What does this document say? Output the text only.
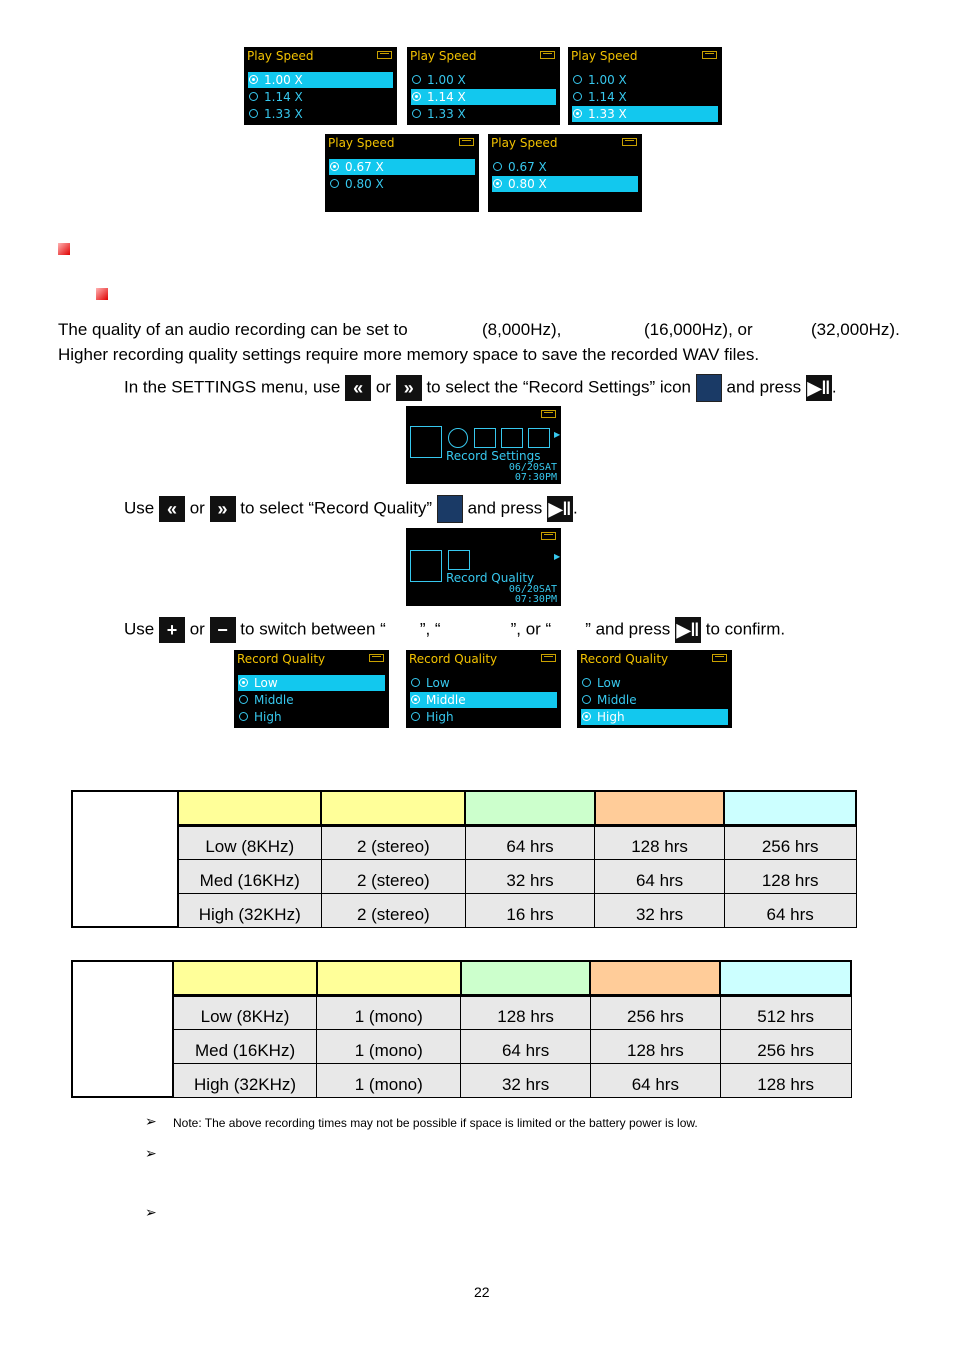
Play Speed
1.00 X
1.14 X
1.33 X
Play Speed
1.00 X
1.14 X
1.33 X
Play Speed
1.00 X
1.14 X
1.33 X
Play Speed
0.67 X
0.80 X
Play Speed
0.67 X
0.80 X
The quality of an audio recording can be set to	(8,000Hz),	(16,000Hz), or	(32,000Hz).
Higher recording quality settings require more memory space to save the recorded WAV files.
In the SETTINGS menu, use « or » to select the “Record Settings” icon and press ▶‖.
▶
Record Settings
06/20SAT
07:30PM
Use « or » to select “Record Quality” and press ▶‖.
▶
Record Quality
06/20SAT
07:30PM
Use + or − to switch between “ ”, “	”, or “ ” and press ▶‖ to confirm.
Record Quality
Low
Middle
High
Record Quality
Low
Middle
High
Record Quality
Low
Middle
High

	Low (8KHz)	2 (stereo)	64 hrs	128 hrs	256 hrs
	Med (16KHz)	2 (stereo)	32 hrs	64 hrs	128 hrs
	High (32KHz)	2 (stereo)	16 hrs	32 hrs	64 hrs

	Low (8KHz)	1 (mono)	128 hrs	256 hrs	512 hrs
	Med (16KHz)	1 (mono)	64 hrs	128 hrs	256 hrs
	High (32KHz)	1 (mono)	32 hrs	64 hrs	128 hrs
➢ Note: The above recording times may not be possible if space is limited or the battery power is low.
➢
➢
22
